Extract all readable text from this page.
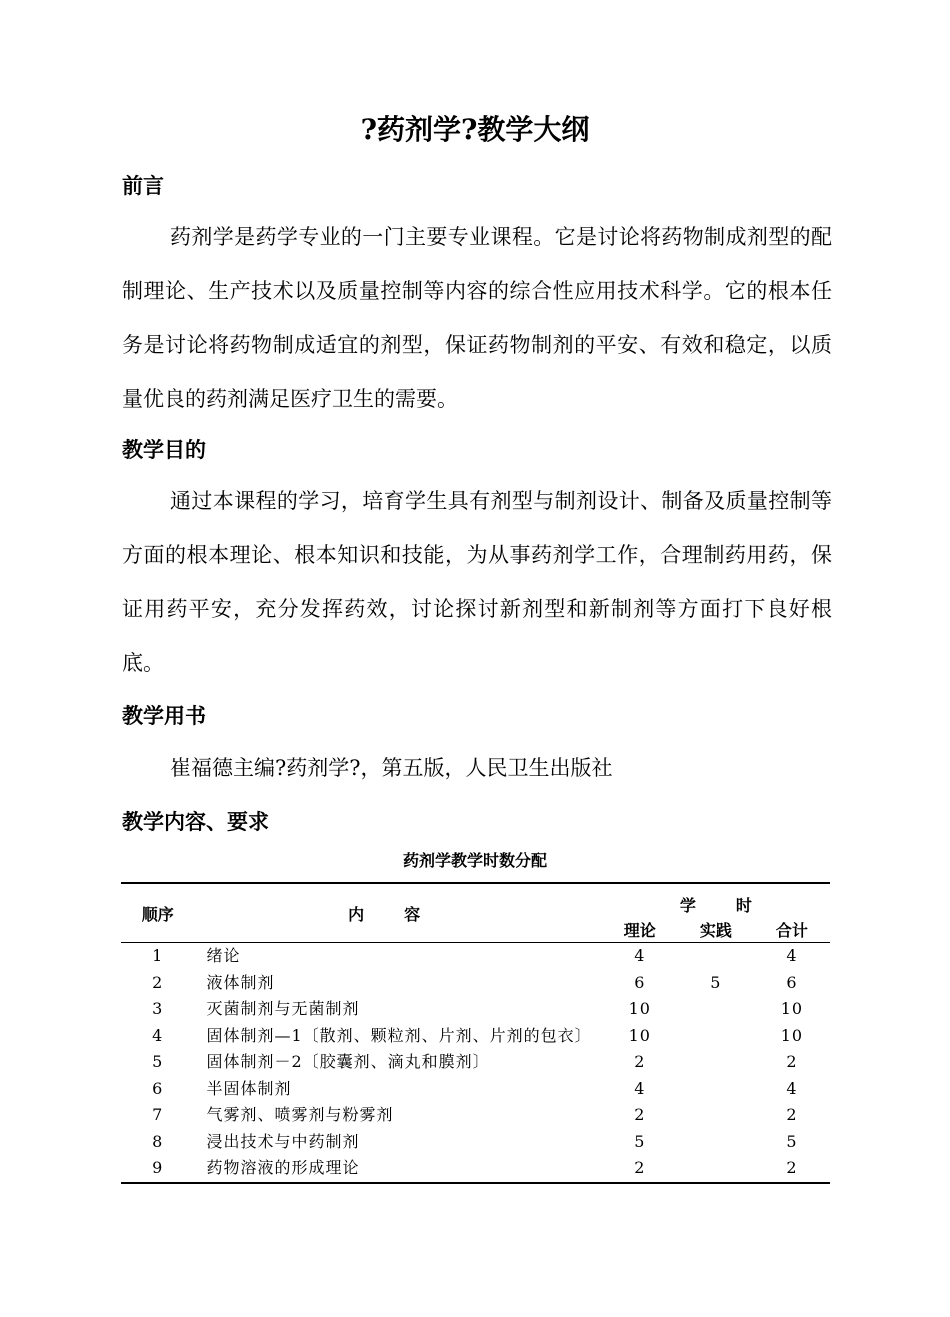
?药剂学?教学大纲
前言

药剂学是药学专业的一门主要专业课程。它是讨论将药物制成剂型的配制理论、生产技术以及质量控制等内容的综合性应用技术科学。它的根本任务是讨论将药物制成适宜的剂型，保证药物制剂的平安、有效和稳定，以质量优良的药剂满足医疗卫生的需要。

教学目的

通过本课程的学习，培育学生具有剂型与制剂设计、制备及质量控制等方面的根本理论、根本知识和技能，为从事药剂学工作，合理制药用药，保证用药平安，充分发挥药效，讨论探讨新剂型和新制剂等方面打下良好根底。

教学用书

崔福德主编?药剂学?，第五版，人民卫生出版社

教学内容、要求

药剂学教学时数分配

顺序	内容	学时		
		理论	实践	合计
1	绪论	4		4
2	液体制剂	6	5	6
3	灭菌制剂与无菌制剂	10		10
4	固体制剂—1〔散剂、颗粒剂、片剂、片剂的包衣〕	10		10
5	固体制剂－2〔胶囊剂、滴丸和膜剂〕	2		2
6	半固体制剂	4		4
7	气雾剂、喷雾剂与粉雾剂	2		2
8	浸出技术与中药制剂	5		5
9	药物溶液的形成理论	2		2
